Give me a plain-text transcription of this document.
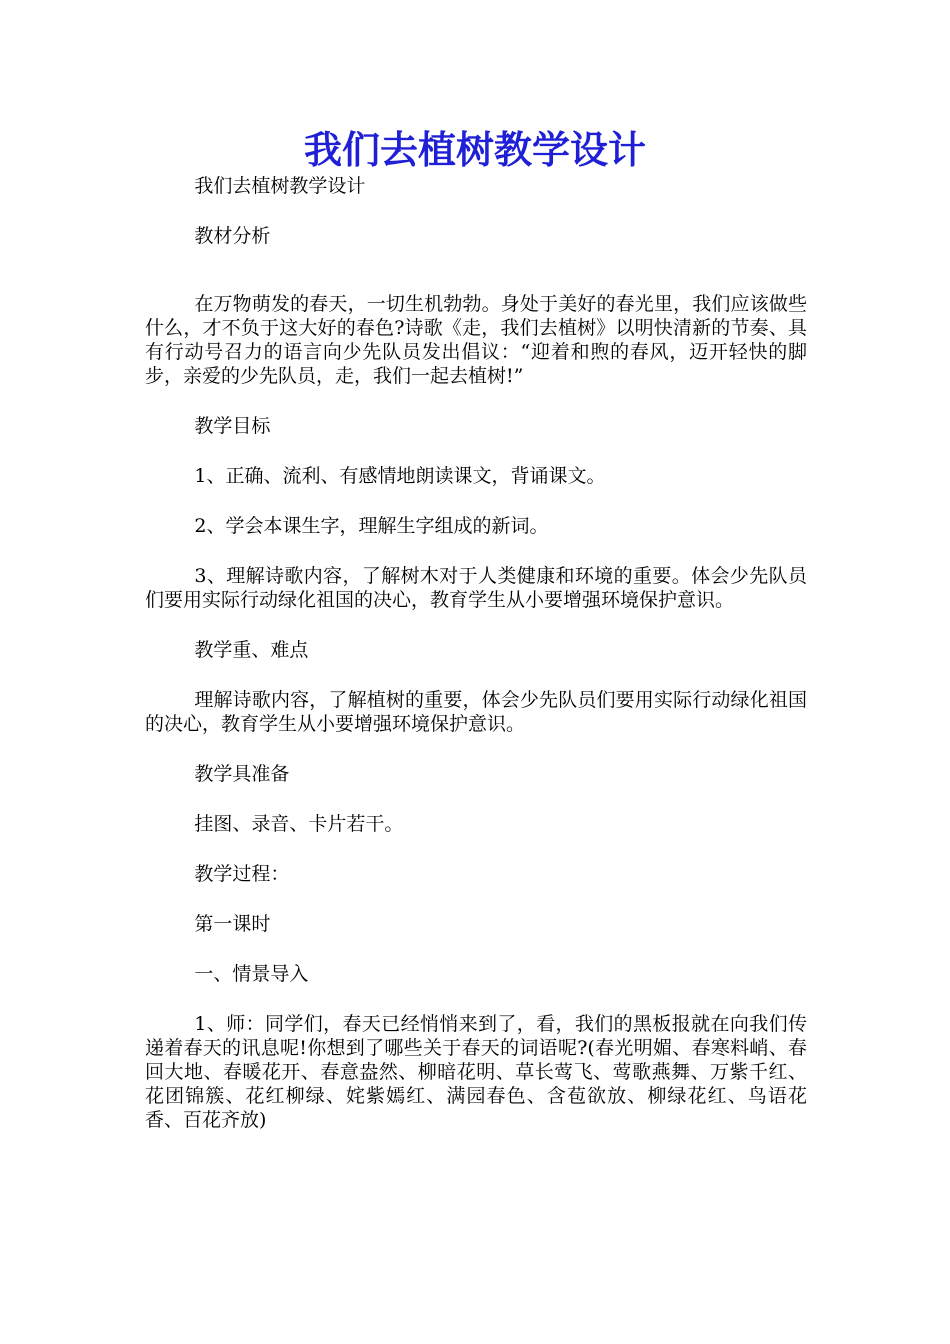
我们去植树教学设计

我们去植树教学设计

教材分析

在万物萌发的春天，一切生机勃勃。身处于美好的春光里，我们应该做些什么，才不负于这大好的春色?诗歌《走，我们去植树》以明快清新的节奏、具有行动号召力的语言向少先队员发出倡议：“迎着和煦的春风，迈开轻快的脚步，亲爱的少先队员，走，我们一起去植树!”

教学目标

1、正确、流利、有感情地朗读课文，背诵课文。

2、学会本课生字，理解生字组成的新词。

3、理解诗歌内容，了解树木对于人类健康和环境的重要。体会少先队员们要用实际行动绿化祖国的决心，教育学生从小要增强环境保护意识。

教学重、难点

理解诗歌内容，了解植树的重要，体会少先队员们要用实际行动绿化祖国的决心，教育学生从小要增强环境保护意识。

教学具准备

挂图、录音、卡片若干。

教学过程：

第一课时

一、情景导入

1、师：同学们，春天已经悄悄来到了，看，我们的黑板报就在向我们传递着春天的讯息呢!你想到了哪些关于春天的词语呢?(春光明媚、春寒料峭、春回大地、春暖花开、春意盎然、柳暗花明、草长莺飞、莺歌燕舞、万紫千红、花团锦簇、花红柳绿、姹紫嫣红、满园春色、含苞欲放、柳绿花红、鸟语花香、百花齐放)
